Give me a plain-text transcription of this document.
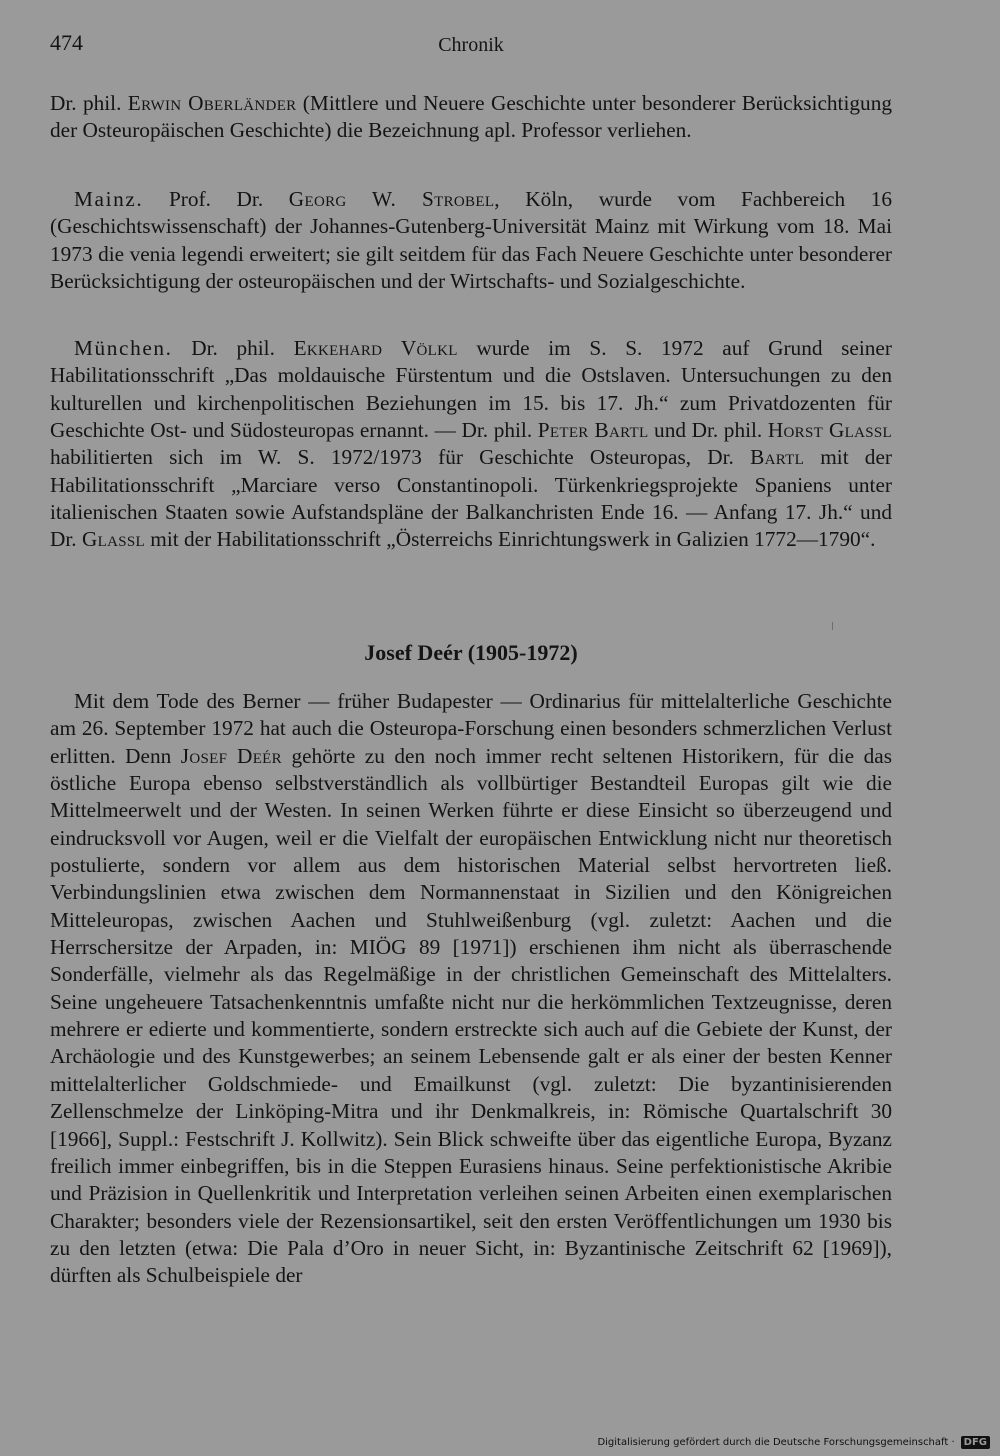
474	Chronik

Dr. phil. Erwin Oberländer (Mittlere und Neuere Geschichte unter besonderer Berücksichtigung der Osteuropäischen Geschichte) die Bezeichnung apl. Professor verliehen.

Mainz. Prof. Dr. Georg W. Strobel, Köln, wurde vom Fachbereich 16 (Geschichtswissenschaft) der Johannes-Gutenberg-Universität Mainz mit Wirkung vom 18. Mai 1973 die venia legendi erweitert; sie gilt seitdem für das Fach Neuere Geschichte unter besonderer Berücksichtigung der osteuropäischen und der Wirtschafts- und Sozialgeschichte.

München. Dr. phil. Ekkehard Völkl wurde im S. S. 1972 auf Grund seiner Habilitationsschrift „Das moldauische Fürstentum und die Ostslaven. Untersuchungen zu den kulturellen und kirchenpolitischen Beziehungen im 15. bis 17. Jh.“ zum Privatdozenten für Geschichte Ost- und Südosteuropas ernannt. — Dr. phil. Peter Bartl und Dr. phil. Horst Glassl habilitierten sich im W. S. 1972/1973 für Geschichte Osteuropas, Dr. Bartl mit der Habilitationsschrift „Marciare verso Constantinopoli. Türkenkriegsprojekte Spaniens unter italienischen Staaten sowie Aufstandspläne der Balkanchristen Ende 16. — Anfang 17. Jh.“ und Dr. Glassl mit der Habilitationsschrift „Österreichs Einrichtungswerk in Galizien 1772—1790“.

Josef Deér (1905-1972)

Mit dem Tode des Berner — früher Budapester — Ordinarius für mittelalterliche Geschichte am 26. September 1972 hat auch die Osteuropa-Forschung einen besonders schmerzlichen Verlust erlitten. Denn Josef Deér gehörte zu den noch immer recht seltenen Historikern, für die das östliche Europa ebenso selbstverständlich als vollbürtiger Bestandteil Europas gilt wie die Mittelmeerwelt und der Westen. In seinen Werken führte er diese Einsicht so überzeugend und eindrucksvoll vor Augen, weil er die Vielfalt der europäischen Entwicklung nicht nur theoretisch postulierte, sondern vor allem aus dem historischen Material selbst hervortreten ließ. Verbindungslinien etwa zwischen dem Normannenstaat in Sizilien und den Königreichen Mitteleuropas, zwischen Aachen und Stuhlweißenburg (vgl. zuletzt: Aachen und die Herrschersitze der Arpaden, in: MIÖG 89 [1971]) erschienen ihm nicht als überraschende Sonderfälle, vielmehr als das Regelmäßige in der christlichen Gemeinschaft des Mittelalters. Seine ungeheuere Tatsachenkenntnis umfaßte nicht nur die herkömmlichen Textzeugnisse, deren mehrere er edierte und kommentierte, sondern erstreckte sich auch auf die Gebiete der Kunst, der Archäologie und des Kunstgewerbes; an seinem Lebensende galt er als einer der besten Kenner mittelalterlicher Goldschmiede- und Emailkunst (vgl. zuletzt: Die byzantinisierenden Zellenschmelze der Linköping-Mitra und ihr Denkmalkreis, in: Römische Quartalschrift 30 [1966], Suppl.: Festschrift J. Kollwitz). Sein Blick schweifte über das eigentliche Europa, Byzanz freilich immer einbegriffen, bis in die Steppen Eurasiens hinaus. Seine perfektionistische Akribie und Präzision in Quellenkritik und Interpretation verleihen seinen Arbeiten einen exemplarischen Charakter; besonders viele der Rezensionsartikel, seit den ersten Veröffentlichungen um 1930 bis zu den letzten (etwa: Die Pala d’Oro in neuer Sicht, in: Byzantinische Zeitschrift 62 [1969]), dürften als Schulbeispiele der

Digitalisierung gefördert durch die Deutsche Forschungsgemeinschaft · DFG
